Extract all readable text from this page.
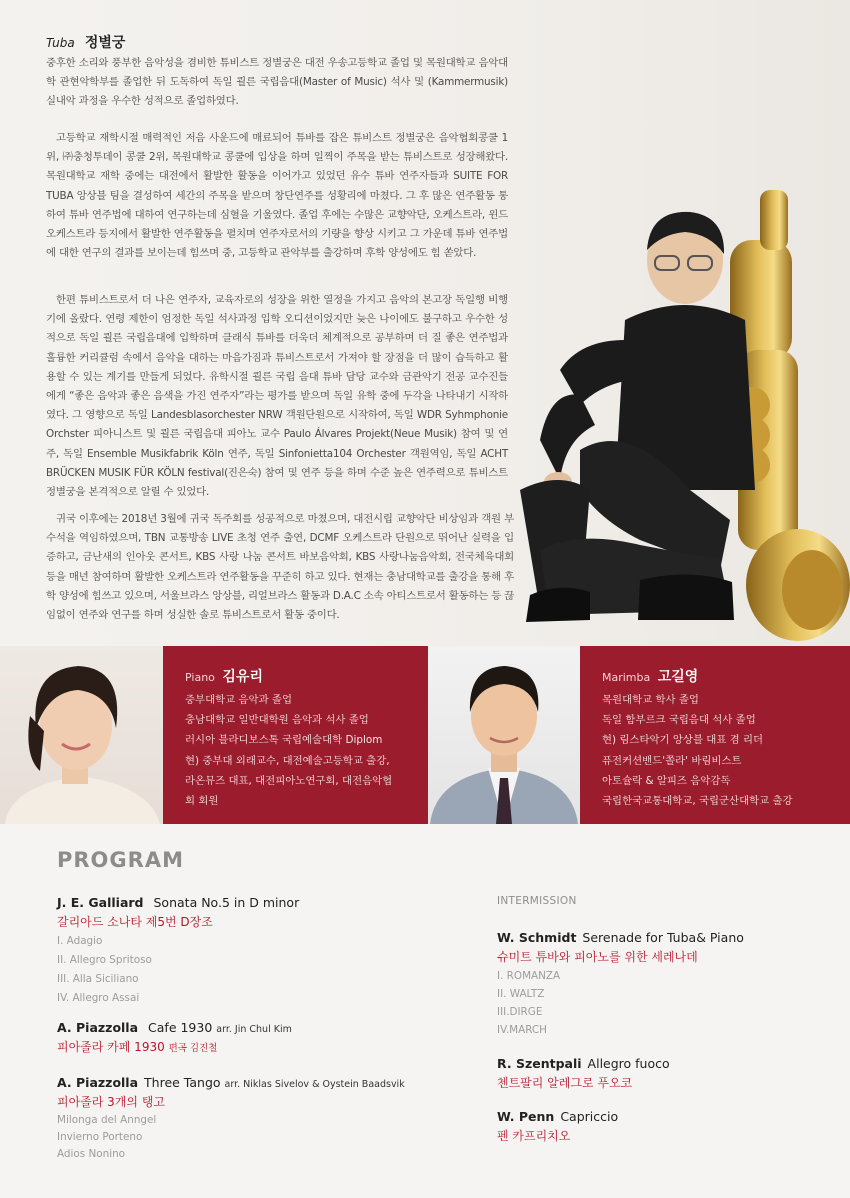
Tuba 정별궁

중후한 소리와 풍부한 음악성을 겸비한 튜비스트 정별궁은 대전 우송고등학교 졸업 및 목원대학교 음악대학 관현악학부를 졸업한 뒤 도독하여 독일 쾰른 국립음대(Master of Music) 석사 및 (Kammermusik) 실내악 과정을 우수한 성적으로 졸업하였다.

고등학교 재학시절 매력적인 저음 사운드에 매료되어 튜바를 잡은 튜비스트 정별궁은 음악협회콩쿨 1위, ㈜충청투데이 콩쿨 2위, 목원대학교 콩쿨에 입상을 하며 일찍이 주목을 받는 튜비스트로 성장해왔다. 목원대학교 재학 중에는 대전에서 활발한 활동을 이어가고 있었던 유수 튜바 연주자들과 SUITE FOR TUBA 앙상블 팀을 결성하여 세간의 주목을 받으며 창단연주를 성황리에 마쳤다. 그 후 많은 연주활동 통하여 튜바 연주법에 대하여 연구하는데 심혈을 기울였다. 졸업 후에는 수많은 교향악단, 오케스트라, 윈드 오케스트라 등지에서 활발한 연주활동을 펼치며 연주자로서의 기량을 향상 시키고 그 가운데 튜바 연주법에 대한 연구의 결과를 보이는데 힘쓰며 중, 고등학교 관악부를 출강하며 후학 양성에도 힘 쏟았다.

한편 튜비스트로서 더 나은 연주자, 교육자로의 성장을 위한 열정을 가지고 음악의 본고장 독일행 비행기에 올랐다. 연령 제한이 엄정한 독일 석사과정 입학 오디션이었지만 늦은 나이에도 불구하고 우수한 성적으로 독일 쾰른 국립음대에 입학하며 클래식 튜바를 더욱더 체계적으로 공부하며 더 질 좋은 연주법과 훌륭한 커리큘럼 속에서 음악을 대하는 마음가짐과 튜비스트로서 가져야 할 장점을 더 많이 습득하고 활용할 수 있는 계기를 만들게 되었다. 유학시절 쾰른 국립 음대 튜바 담당 교수와 금관악기 전공 교수진들에게 “좋은 음악과 좋은 음색을 가진 연주자”라는 평가를 받으며 독일 유학 중에 두각을 나타내기 시작하였다. 그 영향으로 독일 Landesblasorchester NRW 객원단원으로 시작하여, 독일 WDR Syhmphonie Orchster 피아니스트 및 쾰른 국립음대 피아노 교수 Paulo Álvares Projekt(Neue Musik) 참여 및 연주, 독일 Ensemble Musikfabrik Köln 연주, 독일 Sinfonietta104 Orchester 객원역임, 독일 ACHT BRÜCKEN MUSIK FÜR KÖLN festival(진은숙) 참여 및 연주 등을 하며 수준 높은 연주력으로 튜비스트 정별궁을 본격적으로 알릴 수 있었다.

귀국 이후에는 2018년 3월에 귀국 독주회를 성공적으로 마쳤으며, 대전시립 교향악단 비상임과 객원 부수석을 역임하였으며, TBN 교통방송 LIVE 초청 연주 출연, DCMF 오케스트라 단원으로 뛰어난 실력을 입증하고, 금난새의 인아웃 콘서트, KBS 사랑 나눔 콘서트 바보음악회, KBS 사랑나눔음악회, 전국체육대회 등을 매년 참여하며 활발한 오케스트라 연주활동을 꾸준히 하고 있다. 현재는 충남대학교를 출강을 통해 후학 양성에 힘쓰고 있으며, 서울브라스 앙상블, 리얼브라스 활동과 D.A.C 소속 아티스트로서 활동하는 등 끊임없이 연주와 연구를 하며 성실한 솔로 튜비스트로서 활동 중이다.

Piano 김유리
중부대학교 음악과 졸업
충남대학교 일반대학원 음악과 석사 졸업
러시아 블라디보스톡 국립예술대학 Diplom
현) 중부대 외래교수, 대전예술고등학교 출강,
라온뮤즈 대표, 대전피아노연구회, 대전음악협
회 회원
Marimba 고길영
목원대학교 학사 졸업
독일 함부르크 국립음대 석사 졸업
현) 림스타악기 앙상블 대표 겸 리더
퓨전커션밴드'쫄라' 바림비스트
아토슐락 & 알피즈 음악감독
국립한국교통대학교, 국립군산대학교 출강
PROGRAM
INTERMISSION
J. E. Galliard Sonata No.5 in D minor
갈리아드 소나타 제5번 D장조
I. Adagio
II. Allegro Spritoso
III. Alla Siciliano
IV. Allegro Assai
A. Piazzolla Cafe 1930 arr. Jin Chul Kim
피아졸라 카페 1930 편곡 김진철
A. Piazzolla Three Tango arr. Niklas Sivelov & Oystein Baadsvik
피아졸라 3개의 탱고
Milonga del Anngel
Invierno Porteno
Adios Nonino
W. Schmidt Serenade for Tuba& Piano
슈미트 튜바와 피아노를 위한 세레나데
I. ROMANZA
II. WALTZ
III.DIRGE
IV.MARCH
R. Szentpali Allegro fuoco
첸트팔리 알레그로 푸오코
W. Penn Capriccio
펜 카프리치오
